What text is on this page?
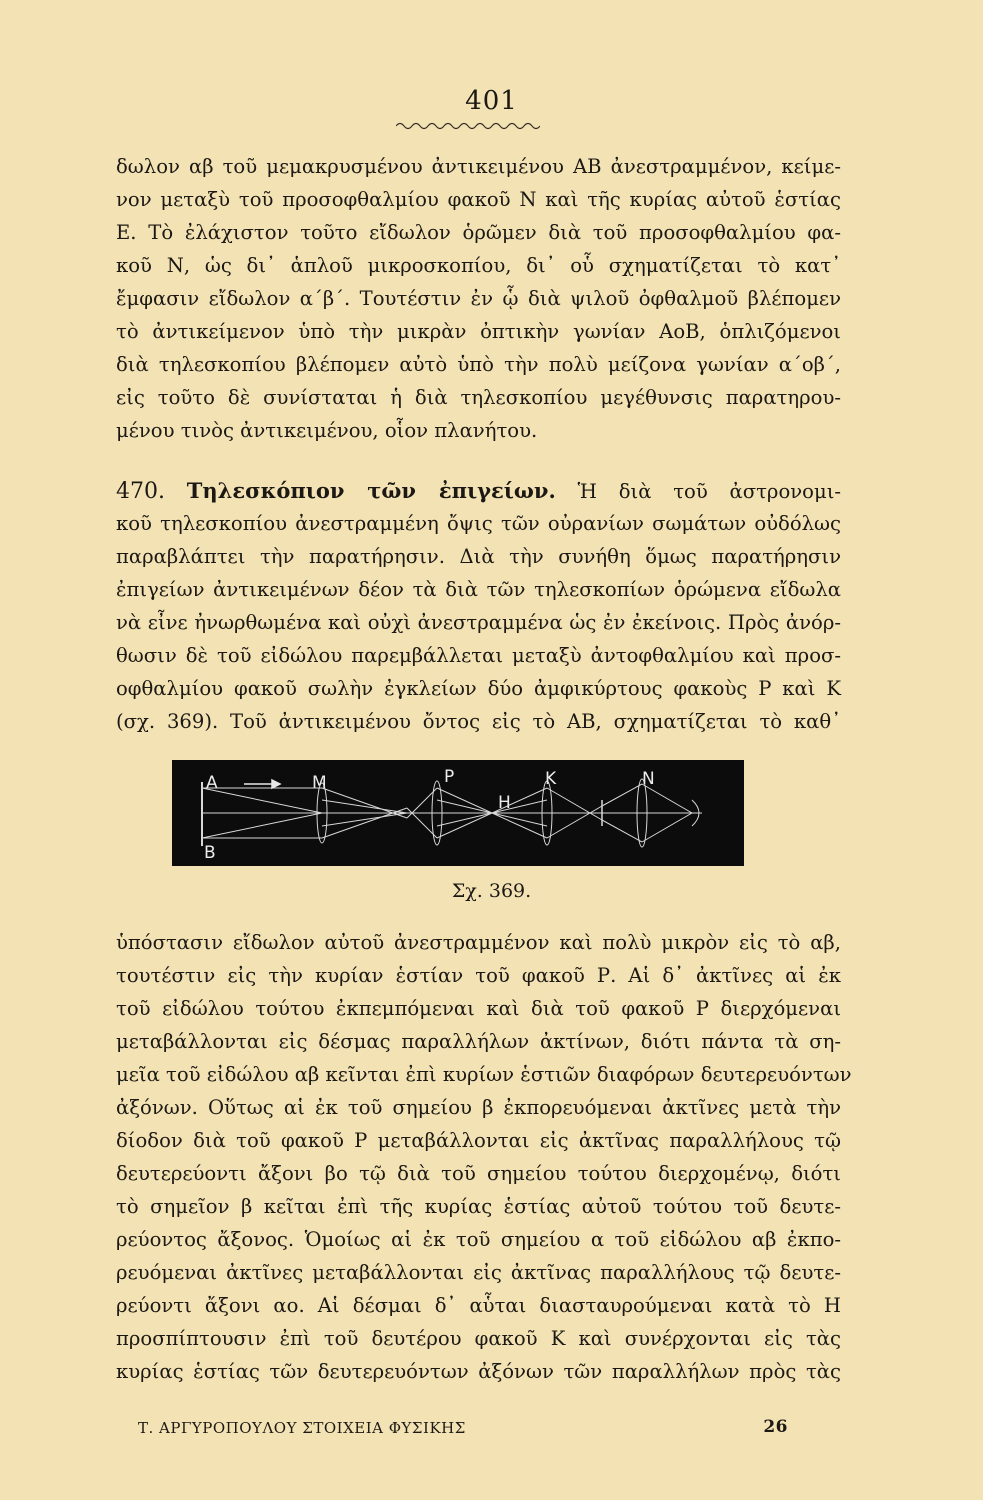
401
δωλον αβ τοῦ μεμακρυσμένου ἀντικειμένου ΑΒ ἀνεστραμμένον, κείμε-
νον μεταξὺ τοῦ προσοφθαλμίου φακοῦ Ν καὶ τῆς κυρίας αὐτοῦ ἑστίας
Ε. Τὸ ἐλάχιστον τοῦτο εἴδωλον ὁρῶμεν διὰ τοῦ προσοφθαλμίου φα-
κοῦ Ν, ὡς δι᾿ ἁπλοῦ μικροσκοπίου, δι᾿ οὗ σχηματίζεται τὸ κατ᾿
ἔμφασιν εἴδωλον α΄β΄. Τουτέστιν ἐν ᾧ διὰ ψιλοῦ ὀφθαλμοῦ βλέπομεν
τὸ ἀντικείμενον ὑπὸ τὴν μικρὰν ὀπτικὴν γωνίαν ΑοΒ, ὁπλιζόμενοι
διὰ τηλεσκοπίου βλέπομεν αὐτὸ ὑπὸ τὴν πολὺ μείζονα γωνίαν α΄οβ΄,
εἰς τοῦτο δὲ συνίσταται ἡ διὰ τηλεσκοπίου μεγέθυνσις παρατηρου-
μένου τινὸς ἀντικειμένου, οἷον πλανήτου.
470. Τηλεσκόπιον τῶν ἐπιγείων. Ἡ διὰ τοῦ ἀστρονομι-
κοῦ τηλεσκοπίου ἀνεστραμμένη ὄψις τῶν οὐρανίων σωμάτων οὐδόλως
παραβλάπτει τὴν παρατήρησιν. Διὰ τὴν συνήθη ὅμως παρατήρησιν
ἐπιγείων ἀντικειμένων δέον τὰ διὰ τῶν τηλεσκοπίων ὁρώμενα εἴδωλα
νὰ εἶνε ἠνωρθωμένα καὶ οὐχὶ ἀνεστραμμένα ὡς ἐν ἐκείνοις. Πρὸς ἀνόρ-
θωσιν δὲ τοῦ εἰδώλου παρεμβάλλεται μεταξὺ ἀντοφθαλμίου καὶ προσ-
οφθαλμίου φακοῦ σωλὴν ἐγκλείων δύο ἀμφικύρτους φακοὺς Ρ καὶ Κ
(σχ. 369). Τοῦ ἀντικειμένου ὄντος εἰς τὸ ΑΒ, σχηματίζεται τὸ καθ᾿
A	M	P
H
K	N
B
Σχ. 369.
ὑπόστασιν εἴδωλον αὐτοῦ ἀνεστραμμένον καὶ πολὺ μικρὸν εἰς τὸ αβ,
τουτέστιν εἰς τὴν κυρίαν ἑστίαν τοῦ φακοῦ Ρ. Αἱ δ᾿ ἀκτῖνες αἱ ἐκ
τοῦ εἰδώλου τούτου ἐκπεμπόμεναι καὶ διὰ τοῦ φακοῦ Ρ διερχόμεναι
μεταβάλλονται εἰς δέσμας παραλλήλων ἀκτίνων, διότι πάντα τὰ ση-
μεῖα τοῦ εἰδώλου αβ κεῖνται ἐπὶ κυρίων ἑστιῶν διαφόρων δευτερευόντων
ἀξόνων. Οὕτως αἱ ἐκ τοῦ σημείου β ἐκπορευόμεναι ἀκτῖνες μετὰ τὴν
δίοδον διὰ τοῦ φακοῦ Ρ μεταβάλλονται εἰς ἀκτῖνας παραλλήλους τῷ
δευτερεύοντι ἄξονι βο τῷ διὰ τοῦ σημείου τούτου διερχομένῳ, διότι
τὸ σημεῖον β κεῖται ἐπὶ τῆς κυρίας ἑστίας αὐτοῦ τούτου τοῦ δευτε-
ρεύοντος ἄξονος. Ὁμοίως αἱ ἐκ τοῦ σημείου α τοῦ εἰδώλου αβ ἐκπο-
ρευόμεναι ἀκτῖνες μεταβάλλονται εἰς ἀκτῖνας παραλλήλους τῷ δευτε-
ρεύοντι ἄξονι αο. Αἱ δέσμαι δ᾿ αὗται διασταυρούμεναι κατὰ τὸ Η
προσπίπτουσιν ἐπὶ τοῦ δευτέρου φακοῦ Κ καὶ συνέρχονται εἰς τὰς
κυρίας ἑστίας τῶν δευτερευόντων ἀξόνων τῶν παραλλήλων πρὸς τὰς
Τ. ΑΡΓΥΡΟΠΟΥΛΟΥ ΣΤΟΙΧΕΙΑ ΦΥΣΙΚΗΣ	26
